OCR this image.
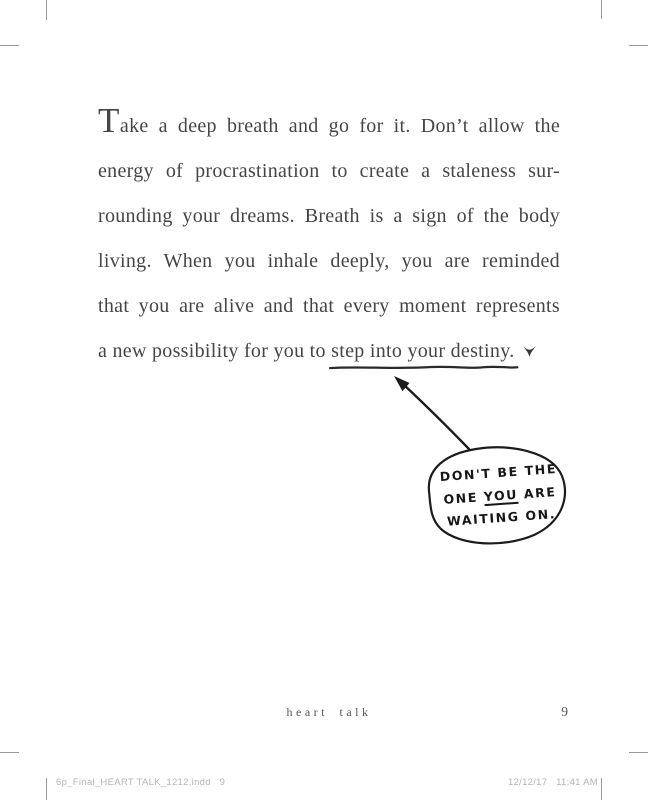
Take a deep breath and go for it. Don’t allow the
energy of procrastination to create a staleness sur-
rounding your dreams. Breath is a sign of the body
living. When you inhale deeply, you are reminded
that you are alive and that every moment represents
a new possibility for you to step into your destiny.
DON'T BE THE
ONE YOU ARE
WAITING ON.
heart talk	9
6p_Final_HEART TALK_1212.indd   9	12/12/17   11:41 AM
